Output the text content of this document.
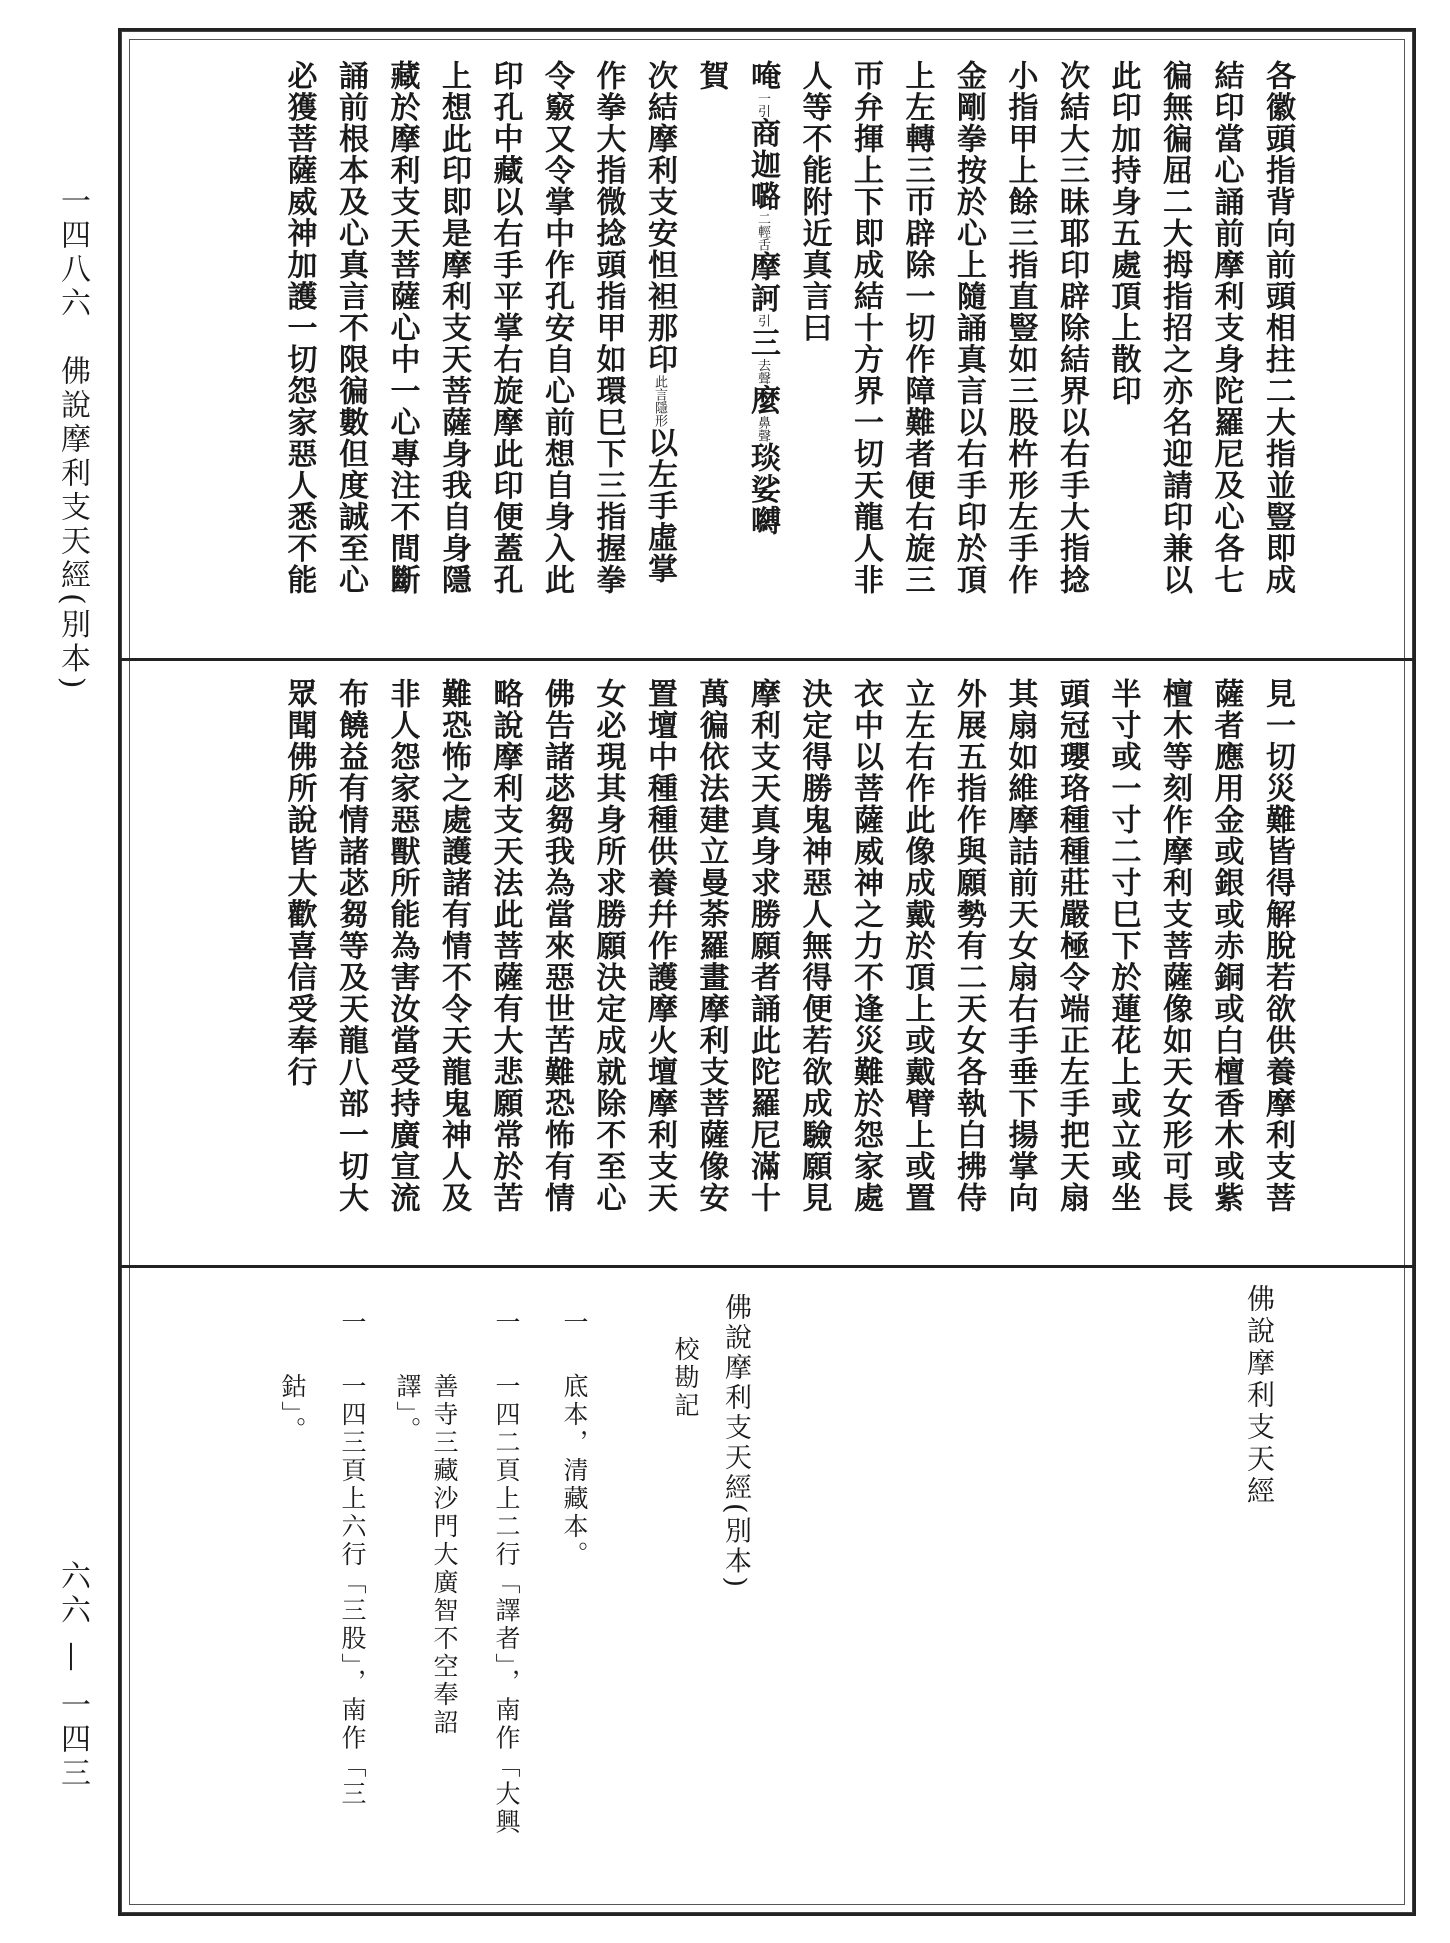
一四八六　佛說摩利支天經(別本)
六六 — 一四三
各徽頭指背向前頭相拄二大指並豎即成
結印當心誦前摩利支身陀羅尼及心各七
徧無徧屈二大拇指招之亦名迎請印兼以
此印加持身五處頂上散印
次結大三昧耶印辟除結界以右手大指捻
小指甲上餘三指直豎如三股杵形左手作
金剛拳按於心上隨誦真言以右手印於頂
上左轉三帀辟除一切作障難者便右旋三
帀弁揮上下即成結十方界一切天龍人非
人等不能附近真言曰
唵一引商迦𡀔二輕舌摩訶引三去聲麼鼻聲琰娑嚩
賀
次結摩利支安怛袒那印此言隱形以左手虛掌
作拳大指微捻頭指甲如環巳下三指握拳
令竅又令掌中作孔安自心前想自身入此
印孔中藏以右手平掌右旋摩此印便蓋孔
上想此印即是摩利支天菩薩身我自身隱
藏於摩利支天菩薩心中一心專注不間斷
誦前根本及心真言不限徧數但度誠至心
必獲菩薩威神加護一切怨家惡人悉不能
見一切災難皆得解脫若欲供養摩利支菩
薩者應用金或銀或赤銅或白檀香木或紫
檀木等刻作摩利支菩薩像如天女形可長
半寸或一寸二寸巳下於蓮花上或立或坐
頭冠瓔珞種種莊嚴極令端正左手把天扇
其扇如維摩詰前天女扇右手垂下揚掌向
外展五指作與願勢有二天女各執白拂侍
立左右作此像成戴於頂上或戴臂上或置
衣中以菩薩威神之力不逢災難於怨家處
決定得勝鬼神惡人無得便若欲成驗願見
摩利支天真身求勝願者誦此陀羅尼滿十
萬徧依法建立曼荼羅畫摩利支菩薩像安
置壇中種種供養幷作護摩火壇摩利支天
女必現其身所求勝願決定成就除不至心
佛告諸苾芻我為當來惡世苦難恐怖有情
略說摩利支天法此菩薩有大悲願常於苦
難恐怖之處護諸有情不令天龍鬼神人及
非人怨家惡獸所能為害汝當受持廣宣流
布饒益有情諸苾芻等及天龍八部一切大
眾聞佛所說皆大歡喜信受奉行
佛說摩利支天經
佛說摩利支天經(別本)
校勘記
一
底本，清藏本。
一
一四二頁上二行「譯者」，南作「大興
善寺三藏沙門大廣智不空奉詔
譯」。
一
一四三頁上六行「三股」，南作「三
鈷」。
